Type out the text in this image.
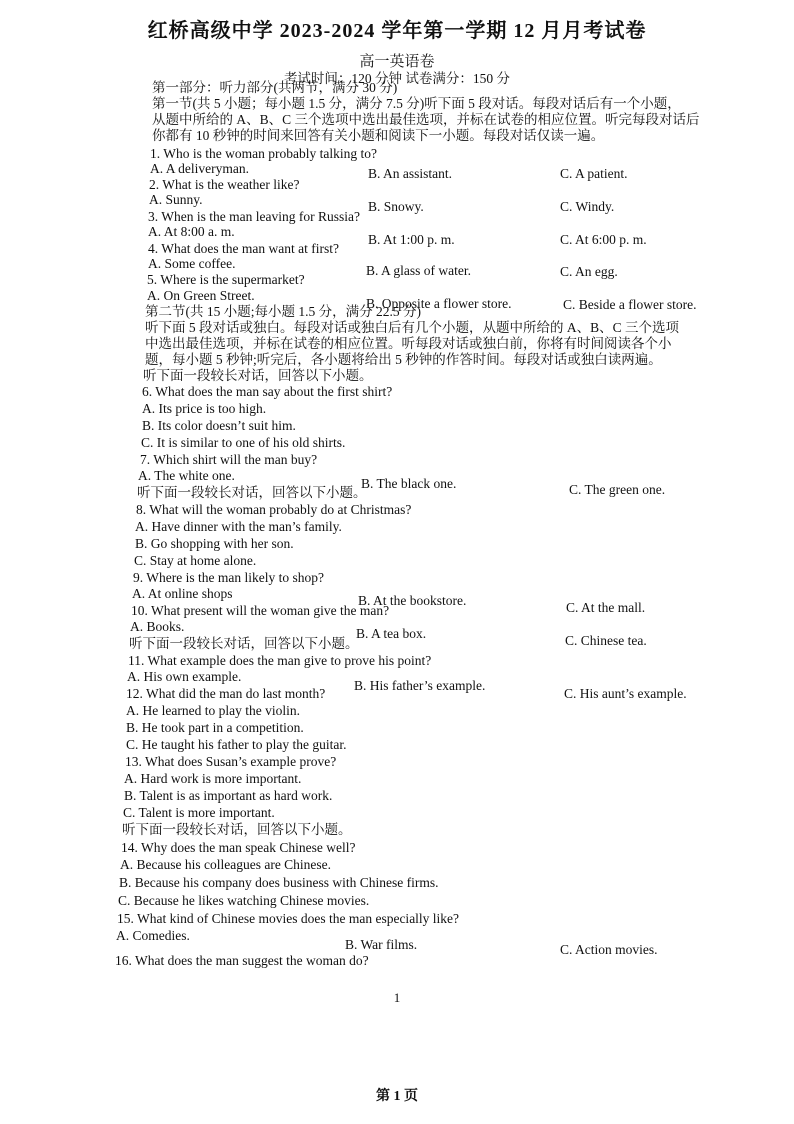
红桥高级中学 2023-2024 学年第一学期 12 月月考试卷
高一英语卷
考试时间：120 分钟 试卷满分：150 分
第一部分：听力部分(共两节，满分 30 分)
第一节(共 5 小题；每小题 1.5 分，满分 7.5 分)听下面 5 段对话。每段对话后有一个小题，
从题中所给的 A、B、C 三个选项中选出最佳选项，并标在试卷的相应位置。听完每段对话后
你都有 10 秒钟的时间来回答有关小题和阅读下一小题。每段对话仅读一遍。
1. Who is the woman probably talking to?
A. A deliveryman.	B. An assistant.	C. A patient.
2. What is the weather like?
A. Sunny.	B. Snowy.	C. Windy.
3. When is the man leaving for Russia?
A. At 8:00 a. m.
B. At 1:00 p. m.	C. At 6:00 p. m.
4. What does the man want at first?
A. Some coffee.	B. A glass of water.	C. An egg.
5. Where is the supermarket?
A. On Green Street.
B. Opposite a flower store.	C. Beside a flower store.
第二节(共 15 小题;每小题 1.5 分，满分 22.5 分)
听下面 5 段对话或独白。每段对话或独白后有几个小题，从题中所给的 A、B、C 三个选项
中选出最佳选项，并标在试卷的相应位置。听每段对话或独白前，你将有时间阅读各个小
题，每小题 5 秒钟;听完后，各小题将给出 5 秒钟的作答时间。每段对话或独白读两遍。
听下面一段较长对话，回答以下小题。
6. What does the man say about the first shirt?
A. Its price is too high.
B. Its color doesn’t suit him.
C. It is similar to one of his old shirts.
7. Which shirt will the man buy?
A. The white one.
B. The black one.	C. The green one.
听下面一段较长对话，回答以下小题。
8. What will the woman probably do at Christmas?
A. Have dinner with the man’s family.
B. Go shopping with her son.
C. Stay at home alone.
9. Where is the man likely to shop?
A. At online shops	B. At the bookstore.	C. At the mall.
10. What present will the woman give the man?
A. Books.	B. A tea box.	C. Chinese tea.
听下面一段较长对话，回答以下小题。
11. What example does the man give to prove his point?
A. His own example.
B. His father’s example.
C. His aunt’s example.
12. What did the man do last month?
A. He learned to play the violin.
B. He took part in a competition.
C. He taught his father to play the guitar.
13. What does Susan’s example prove?
A. Hard work is more important.
B. Talent is as important as hard work.
C. Talent is more important.
听下面一段较长对话，回答以下小题。
14. Why does the man speak Chinese well?
A. Because his colleagues are Chinese.
B. Because his company does business with Chinese firms.
C. Because he likes watching Chinese movies.
15. What kind of Chinese movies does the man especially like?
A. Comedies.
B. War films.	C. Action movies.
16. What does the man suggest the woman do?
1
第 1 页
